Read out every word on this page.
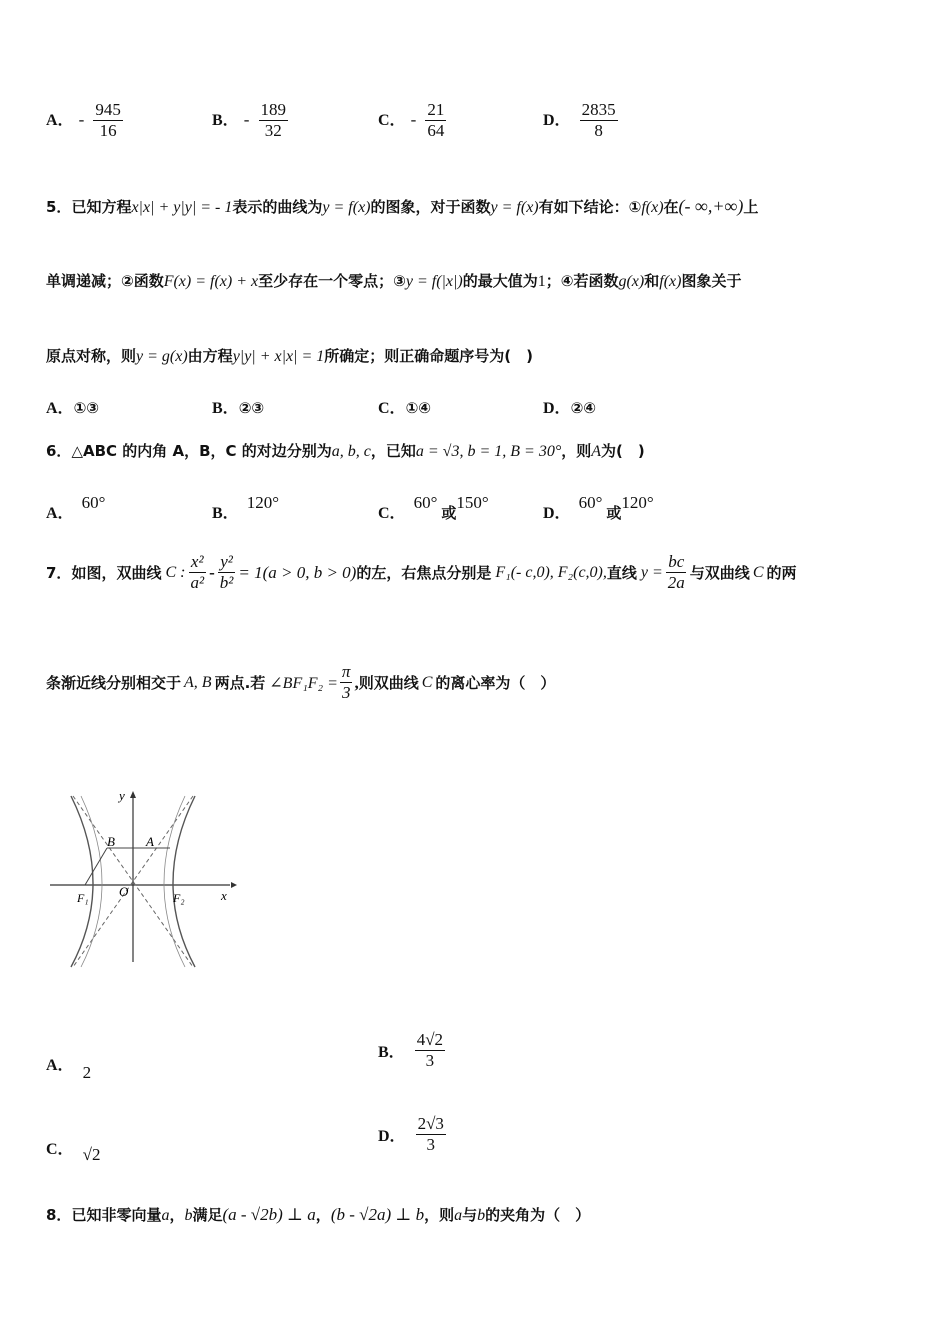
A． - $\frac{945}{16}$	B． - $\frac{189}{32}$	C． - $\frac{21}{64}$	D． $\frac{2835}{8}$
5．已知方程x|x| + y|y| = - 1表示的曲线为y = f(x)的图象，对于函数y = f(x)有如下结论：①f(x)在(- ∞,+∞)上
单调递减；②函数F(x) = f(x) + x至少存在一个零点；③y = f(|x|)的最大值为1；④若函数g(x)和f(x)图象关于
原点对称，则y = g(x)由方程y|y| + x|x| = 1所确定；则正确命题序号为(　)
A．①③	B．②③	C．①④	D．②④
6．△ABC 的内角 A，B，C 的对边分别为a, b, c，已知a = √3, b = 1, B = 30°，则A为(　)
A．60°
B．120°
C．60°或150°
D．60°或120°
7． 如图，双曲线 C : $\frac{\text{x²}}{\text{a²}} - \frac{\text{y²}}{\text{b²}} = 1(a > 0$, b > 0) 的左，右焦点分别是 F₁(- c,0), F₂(c,0), 直线 $y = \frac{bc}{2a}$ 与双曲线 C 的两
条渐近线分别相交于 A, B 两点.若 ∠BF₁F₂ = $\frac{\pi}{3}$ , 则双曲线 C 的离心率为（　）
y
x
B A
O
F₁	F₂
A． 2
B． $\frac{4√2}{3}$
C． √2
D． $\frac{2√3}{3}$
8．已知非零向量a，b满足(a - √2b) ⊥ a，(b - √2a) ⊥ b，则a与b的夹角为（　）
